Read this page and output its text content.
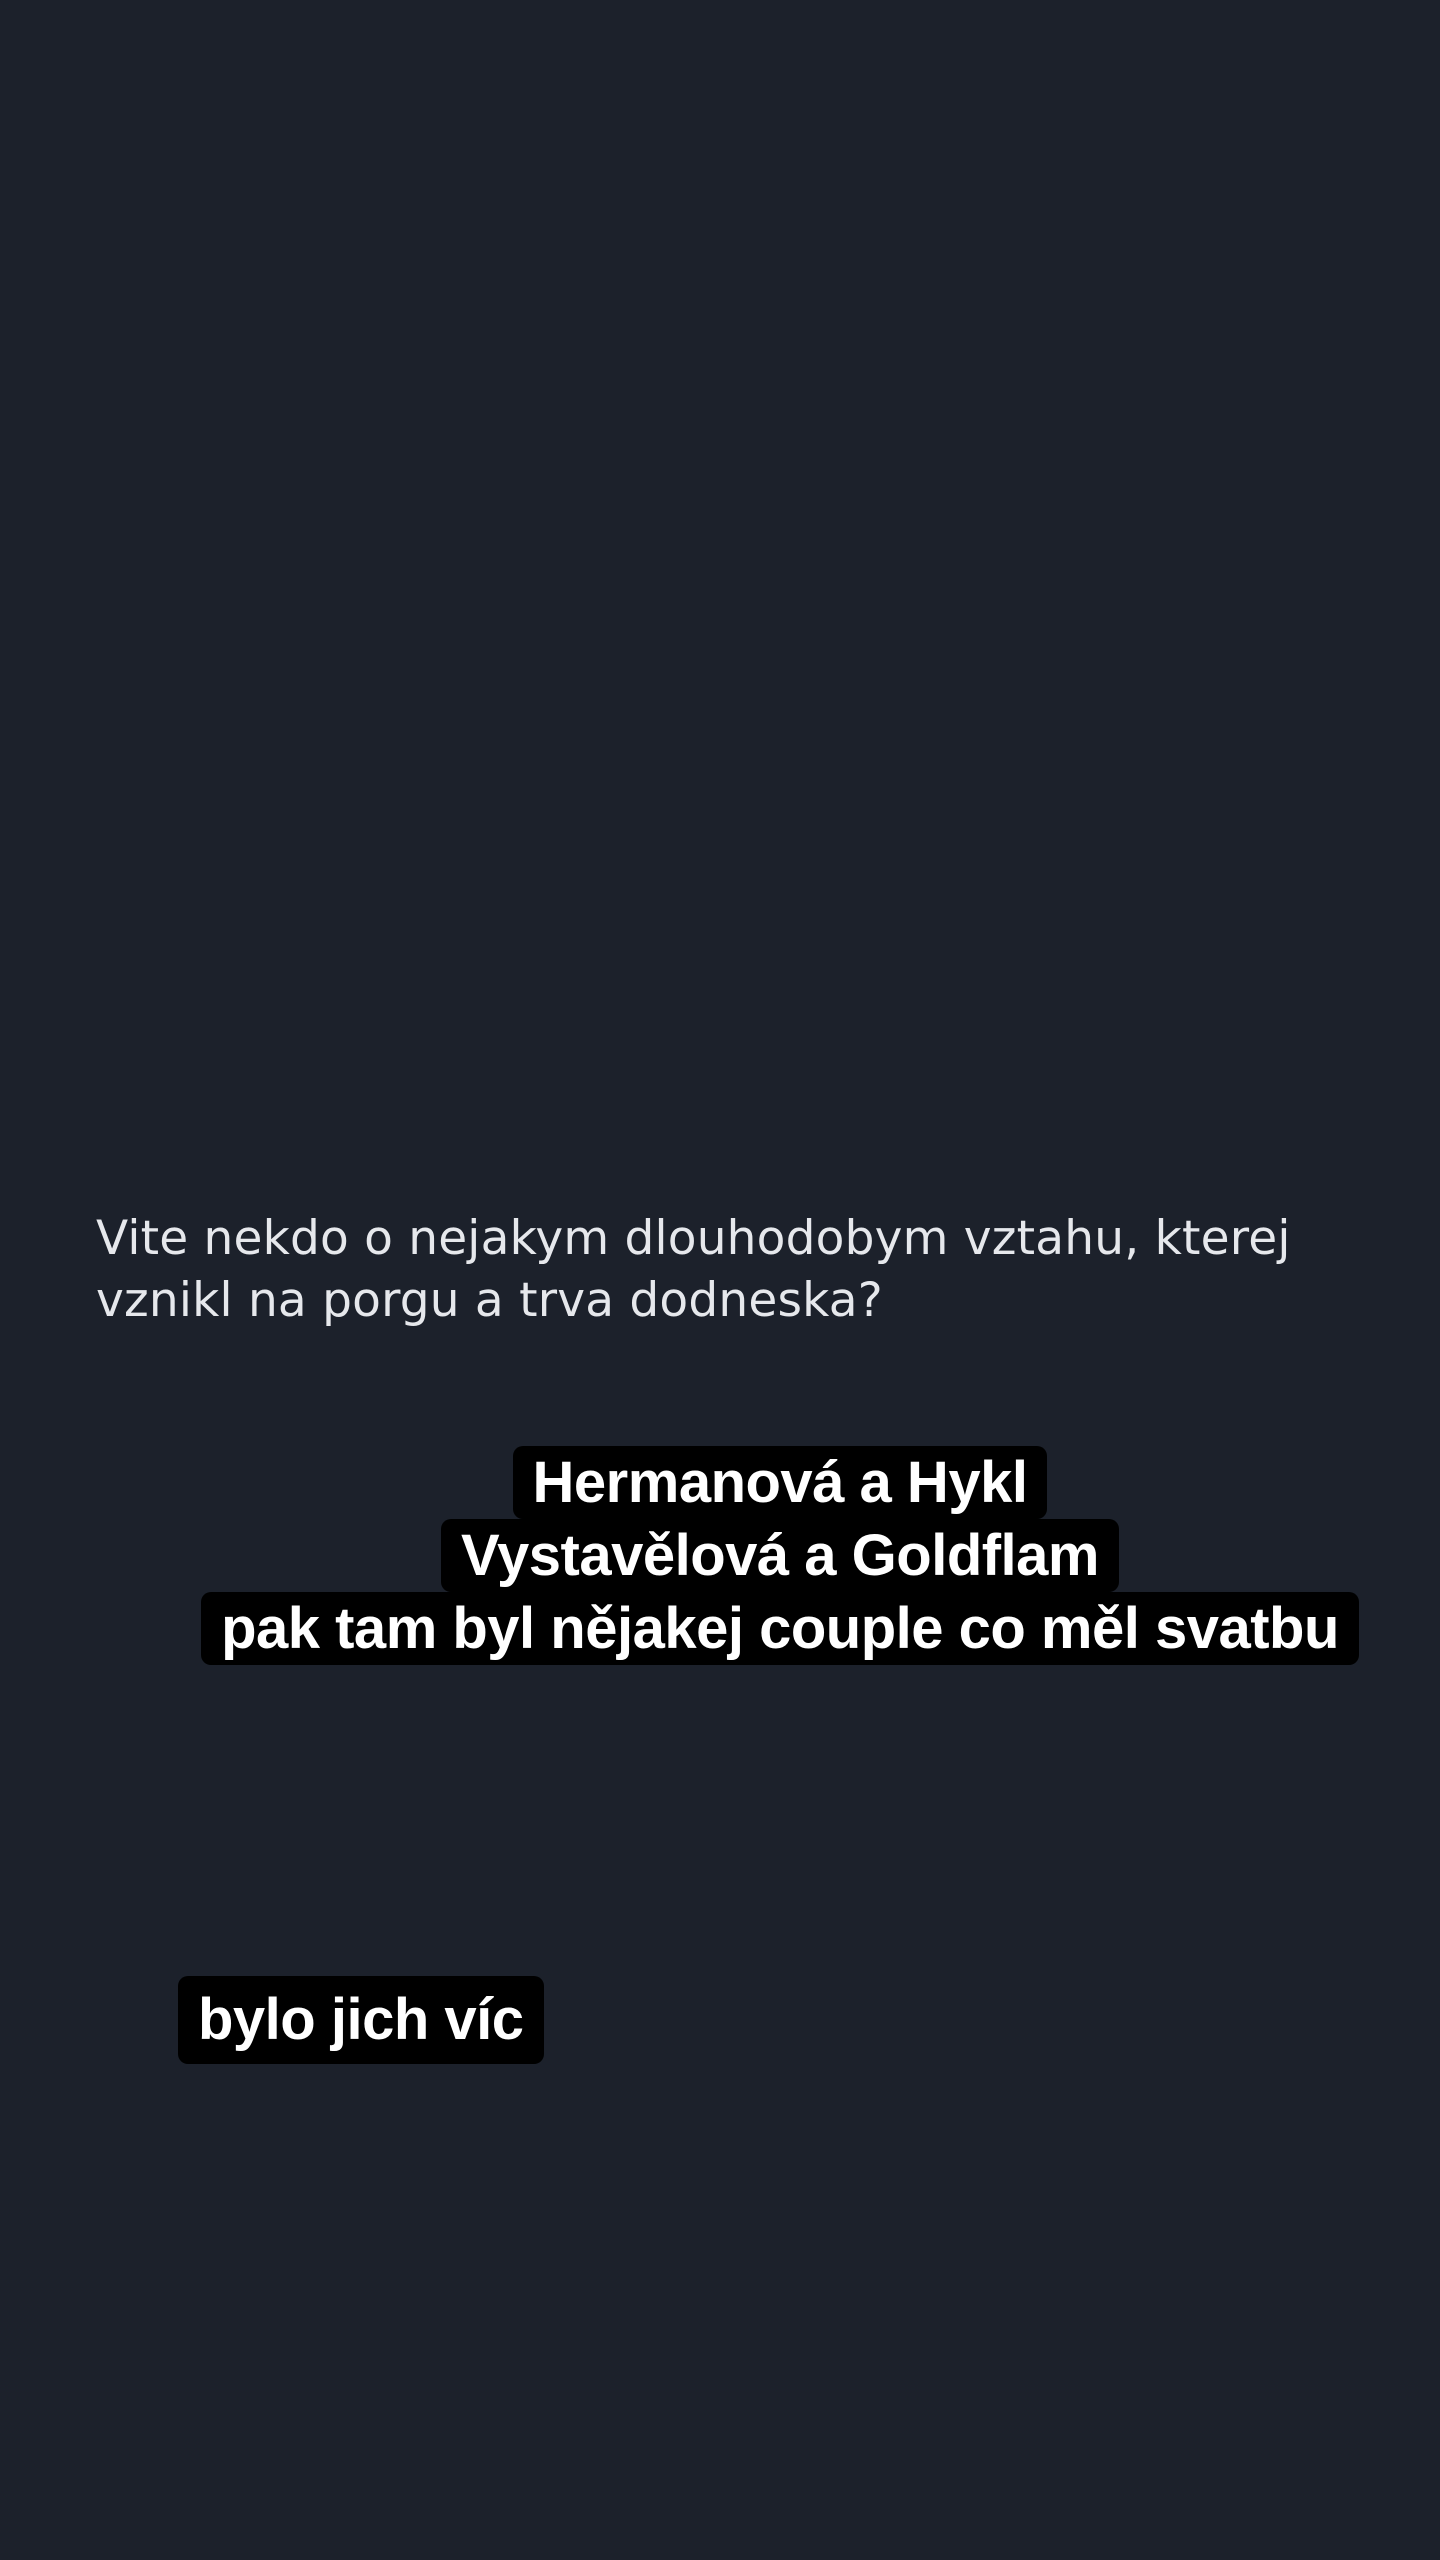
Vite nekdo o nejakym dlouhodobym vztahu, kterej
vznikl na porgu a trva dodneska?
Hermanová a Hykl
Vystavělová a Goldflam
pak tam byl nějakej couple co měl svatbu
bylo jich víc
